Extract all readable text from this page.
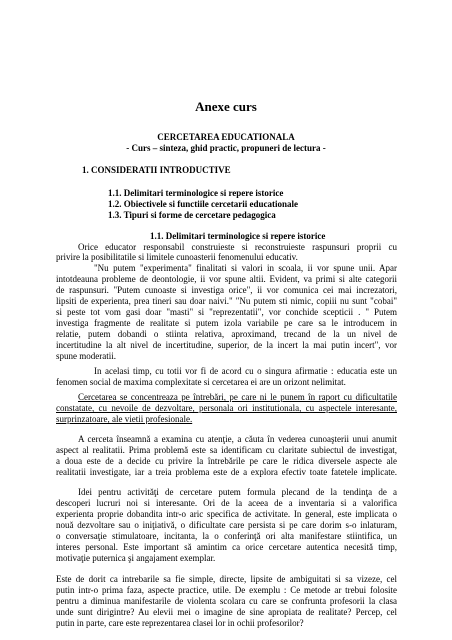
Anexe curs
CERCETAREA EDUCATIONALA
- Curs – sinteza, ghid practic, propuneri de lectura -
1. CONSIDERATII INTRODUCTIVE
1.1. Delimitari terminologice si repere istorice
1.2. Obiectivele si functiile cercetarii educationale
1.3. Tipuri si forme de cercetare pedagogica
1.1. Delimitari terminologice si repere istorice
Orice educator responsabil construieste si reconstruieste raspunsuri proprii cu
privire la posibilitatile si limitele cunoasterii fenomenului educativ.
"Nu putem "experimenta" finalitati si valori in scoala, ii vor spune unii. Apar
intotdeauna probleme de deontologie, ii vor spune altii. Evident, va primi si alte categorii
de raspunsuri. "Putem cunoaste si investiga orice", ii vor comunica cei mai increzatori,
lipsiti de experienta, prea tineri sau doar naivi." "Nu putem sti nimic, copiii nu sunt "cobai"
si peste tot vom gasi doar "masti" si "reprezentatii", vor conchide scepticii . " Putem
investiga fragmente de realitate si putem izola variabile pe care sa le introducem in
relatie, putem dobandi o stiinta relativa, aproximand, trecand de la un nivel de
incertitudine la alt nivel de incertitudine, superior, de la incert la mai putin incert", vor
spune moderatii.
In acelasi timp, cu totii vor fi de acord cu o singura afirmatie : educatia este un
fenomen social de maxima complexitate si cercetarea ei are un orizont nelimitat.
Cercetarea se concentreaza pe întrebări, pe care ni le punem în raport cu dificultatile
constatate, cu nevoile de dezvoltare, personala ori institutionala, cu aspectele interesante,
surprinzatoare, ale vietii profesionale.
A cerceta înseamnă a examina cu atenţie, a căuta în vederea cunoaşterii unui anumit
aspect al realitatii. Prima problemă este sa identificam cu claritate subiectul de investigat,
a doua este de a decide cu privire la întrebările pe care le ridica diversele aspecte ale
realitatii investigate, iar a treia problema este de a explora efectiv toate fatetele implicate.
Idei pentru activităţi de cercetare putem formula plecand de la tendinţa de a
descoperi lucruri noi si interesante. Ori de la aceea de a inventaria si a valorifica
experienta proprie dobandita intr-o aric specifica de activitate. In general, este implicata o
nouă dezvoltare sau o iniţiativă, o dificultate care persista si pe care dorim s-o inlaturam,
o conversaţie stimulatoare, incitanta, la o conferinţă ori alta manifestare stiintifica, un
interes personal. Este important să amintim ca orice cercetare autentica necesită timp,
motivaţie puternica şi angajament exemplar.
Este de dorit ca intrebarile sa fie simple, directe, lipsite de ambiguitati si sa vizeze, cel
putin intr-o prima faza, aspecte practice, utile. De exemplu : Ce metode ar trebui folosite
pentru a diminua manifestarile de violenta scolara cu care se confrunta profesorii la clasa
unde sunt dirigintre? Au elevii mei o imagine de sine apropiata de realitate? Percep, cel
putin in parte, care este reprezentarea clasei lor in ochii profesorilor?
